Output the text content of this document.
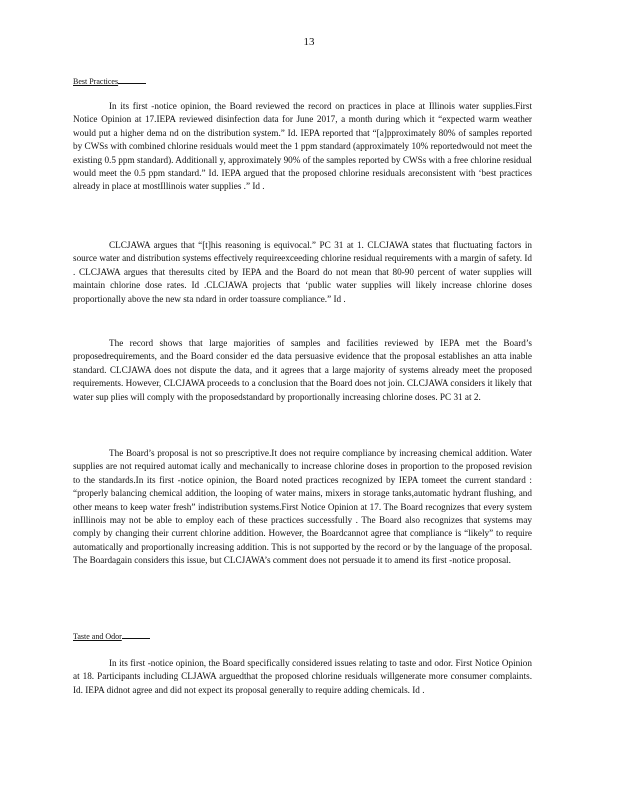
13
Best Practices

In its first -notice opinion, the Board reviewed the record on practices in place at Illinois water supplies.First Notice Opinion at 17.IEPA reviewed disinfection data for June 2017, a month during which it “expected warm weather would put a higher dema nd on the distribution system.” Id. IEPA reported that “[a]pproximately 80% of samples reported by CWSs with combined chlorine residuals would meet the 1 ppm standard (approximately 10% reportedwould not meet the existing 0.5 ppm standard). Additionall y, approximately 90% of the samples reported by CWSs with a free chlorine residual would meet the 0.5 ppm standard.” Id. IEPA argued that the proposed chlorine residuals areconsistent with ‘best practices already in place at mostIllinois water supplies .” Id .

CLCJAWA argues that “[t]his reasoning is equivocal.” PC 31 at 1. CLCJAWA states that fluctuating factors in source water and distribution systems effectively requireexceeding chlorine residual requirements with a margin of safety. Id . CLCJAWA argues that theresults cited by IEPA and the Board do not mean that 80-90 percent of water supplies will maintain chlorine dose rates. Id .CLCJAWA projects that ‘public water supplies will likely increase chlorine doses proportionally above the new sta ndard in order toassure compliance.” Id .

The record shows that large majorities of samples and facilities reviewed by IEPA met the Board’s proposedrequirements, and the Board consider ed the data persuasive evidence that the proposal establishes an atta inable standard. CLCJAWA does not dispute the data, and it agrees that a large majority of systems already meet the proposed requirements. However, CLCJAWA proceeds to a conclusion that the Board does not join. CLCJAWA considers it likely that water sup plies will comply with the proposedstandard by proportionally increasing chlorine doses. PC 31 at 2.

The Board’s proposal is not so prescriptive.It does not require compliance by increasing chemical addition. Water supplies are not required automat ically and mechanically to increase chlorine doses in proportion to the proposed revision to the standards.In its first -notice opinion, the Board noted practices recognized by IEPA tomeet the current standard : “properly balancing chemical addition, the looping of water mains, mixers in storage tanks,automatic hydrant flushing, and other means to keep water fresh” indistribution systems.First Notice Opinion at 17. The Board recognizes that every system inIllinois may not be able to employ each of these practices successfully . The Board also recognizes that systems may comply by changing their current chlorine addition. However, the Boardcannot agree that compliance is “likely” to require automatically and proportionally increasing addition. This is not supported by the record or by the language of the proposal. The Boardagain considers this issue, but CLCJAWA’s comment does not persuade it to amend its first -notice proposal.

Taste and Odor

In its first -notice opinion, the Board specifically considered issues relating to taste and odor. First Notice Opinion at 18. Participants including CLJAWA arguedthat the proposed chlorine residuals willgenerate more consumer complaints. Id. IEPA didnot agree and did not expect its proposal generally to require adding chemicals. Id .
